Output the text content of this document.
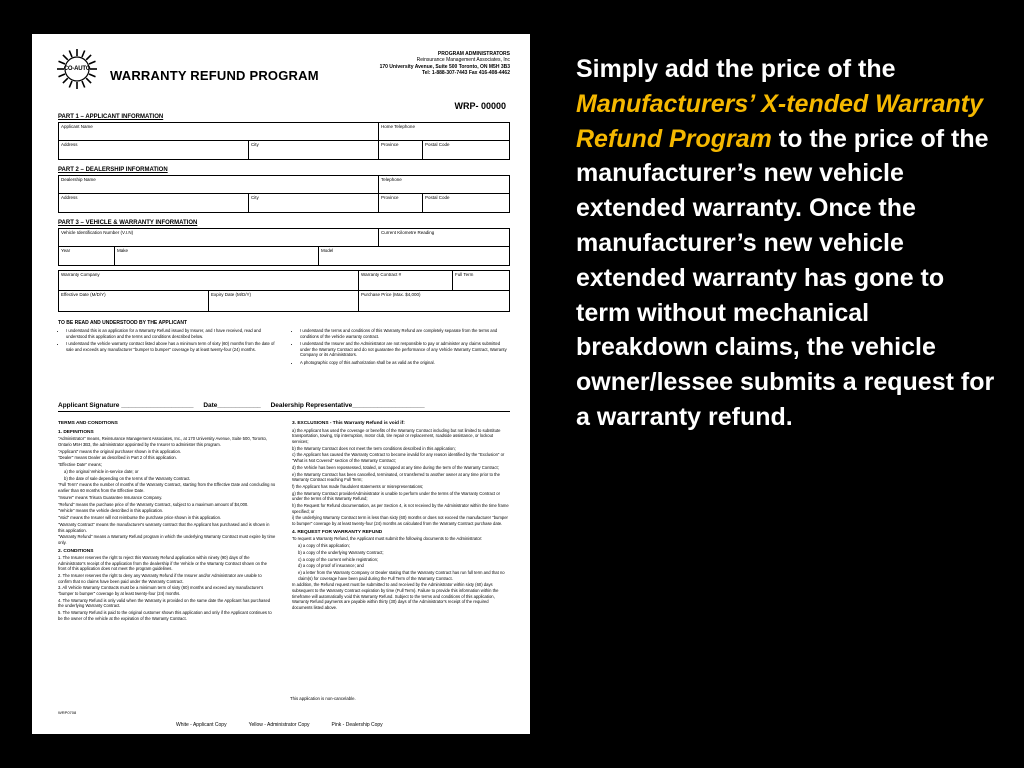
CO-AUTO	WARRANTY REFUND PROGRAM
PROGRAM ADMINISTRATORS
Reinsurance Management Associates, Inc
170 University Avenue, Suite 500 Toronto, ON M5H 3B3
Tel: 1-888-307-7443 Fax 416-408-4462
WRP- 00000
PART 1 – APPLICANT INFORMATION
Applicant Name	Home Telephone
Address	City	Province	Postal Code
PART 2 – DEALERSHIP INFORMATION
Dealership Name	Telephone
Address	City	Province	Postal Code
PART 3 – VEHICLE & WARRANTY INFORMATION
Vehicle Identification Number (V.I.N)	Current Kilometre Reading
Year	Make	Model
Warranty Company	Warranty Contract #	Full Term
Effective Date (M/D/Y)	Expiry Date (M/D/Y)	Purchase Price (Max. $4,000)
TO BE READ AND UNDERSTOOD BY THE APPLICANT
• I understand this is an application for a Warranty Refund issued by Insurer, and I have received, read and understood this application and the terms and conditions described below.
• I understand the vehicle warranty contract listed above has a minimum term of sixty (60) months from the date of sale and exceeds any manufacturer "bumper to bumper" coverage by at least twenty-four (24) months.
• I understand the terms and conditions of this Warranty Refund are completely separate from the terms and conditions of the vehicle warranty contract.
• I understand the Insurer and the Administrator are not responsible to pay or administer any claims submitted under the Warranty Contract and do not guarantee the performance of any Vehicle Warranty Contract, Warranty Company or its Administrators.
• A photographic copy of this authorization shall be as valid as the original.
Applicant Signature ____________________ Date____________ Dealership Representative____________________
TERMS AND CONDITIONS
1. DEFINITIONS

"Administrator" means, Reinsurance Management Associates, Inc., at 170 University Avenue, Suite 500, Toronto, Ontario M5H 3B3, the administrator appointed by the Insurer to administer this program.

"Applicant" means the original purchaser shown in this application.

"Dealer" means Dealer as described in Part 2 of this application.

"Effective Date" means;

a) the original Vehicle in-service date; or

b) the date of sale depending on the terms of the Warranty Contract.

"Full Term" means the number of months of the Warranty Contract, starting from the Effective Date and concluding no earlier than 60 months from the Effective Date.

"Insurer" means Trisura Guarantee Insurance Company.

"Refund" means the purchase price of the Warranty Contract, subject to a maximum amount of $4,000.

"Vehicle" means the vehicle described in this application.

"Void" means the Insurer will not reimburse the purchase price shown in this application.

"Warranty Contract" means the manufacturer's warranty contract that the Applicant has purchased and is shown in this application.

"Warranty Refund" means a Warranty Refund program in which the underlying Warranty Contract must expire by time only.

2. CONDITIONS

1. The Insurer reserves the right to reject this Warranty Refund application within ninety (90) days of the Administrator's receipt of the application from the dealership if the Vehicle or the Warranty Contract shown on the front of this application does not meet the program guidelines.

2. The Insurer reserves the right to deny any Warranty Refund if the Insurer and/or Administrator are unable to confirm that no claims have been paid under the Warranty Contract.

3. All Vehicle Warranty Contracts must be a minimum term of sixty (60) months and exceed any manufacturer's "bumper to bumper" coverage by at least twenty-four (24) months.

4. The Warranty Refund is only valid when the Warranty is provided on the same date the Applicant has purchased the underlying Warranty Contract.

5. The Warranty Refund is paid to the original customer shown this application and only if the Applicant continues to be the owner of the vehicle at the expiration of the Warranty Contract.

3. EXCLUSIONS - This Warranty Refund is void if:

a) the Applicant has used the coverage or benefits of the Warranty Contract including but not limited to substitute transportation, towing, trip interruption, motor club, tire repair or replacement, roadside assistance, or lockout services;

b) the Warranty Contract does not meet the term conditions described in this application;

c) the Applicant has caused the Warranty Contract to become invalid for any reason identified by the "Exclusion" or "What is Not Covered" section of the Warranty Contract;

d) the Vehicle has been repossessed, totaled, or scrapped at any time during the term of the Warranty Contract;

e) the Warranty Contract has been cancelled, terminated, or transferred to another owner at any time prior to the Warranty Contract reaching Full Term;

f) the Applicant has made fraudulent statements or misrepresentations;

g) the Warranty Contract provider/Administrator is unable to perform under the terms of the Warranty Contract or under the terms of this Warranty Refund;

h) the Request for Refund documentation, as per Section 4, is not received by the Administrator within the time frame specified; or

i) the underlying Warranty Contract term is less than sixty (60) months or does not exceed the manufacturer "bumper to bumper" coverage by at least twenty-four (24) months as calculated from the Warranty Contract purchase date.

4. REQUEST FOR WARRANTY REFUND

To request a Warranty Refund, the Applicant must submit the following documents to the Administrator:

a) a copy of this application;

b) a copy of the underlying Warranty Contract;

c) a copy of the current vehicle registration;

d) a copy of proof of insurance; and

e) a letter from the Warranty Company or Dealer stating that the Warranty Contract has run full term and that no claim(s) for coverage have been paid during the Full Term of the Warranty Contract.

In addition, the Refund request must be submitted to and received by the Administrator within sixty (60) days subsequent to the Warranty Contract expiration by time (Full Term). Failure to provide this information within the timeframe will automatically void this Warranty Refund. Subject to the terms and conditions of this application, Warranty Refund payments are payable within thirty (30) days of the Administrator's receipt of the required documents listed above.

This application is non-cancelable.
WRP0708
White - Applicant Copy	Yellow - Administrator Copy	Pink - Dealership Copy
Simply add the price of the Manufacturers’ X-tended Warranty Refund Program to the price of the manufacturer’s new vehicle extended warranty. Once the manufacturer’s new vehicle extended warranty has gone to term without mechanical breakdown claims, the vehicle owner/lessee submits a request for a warranty refund.
